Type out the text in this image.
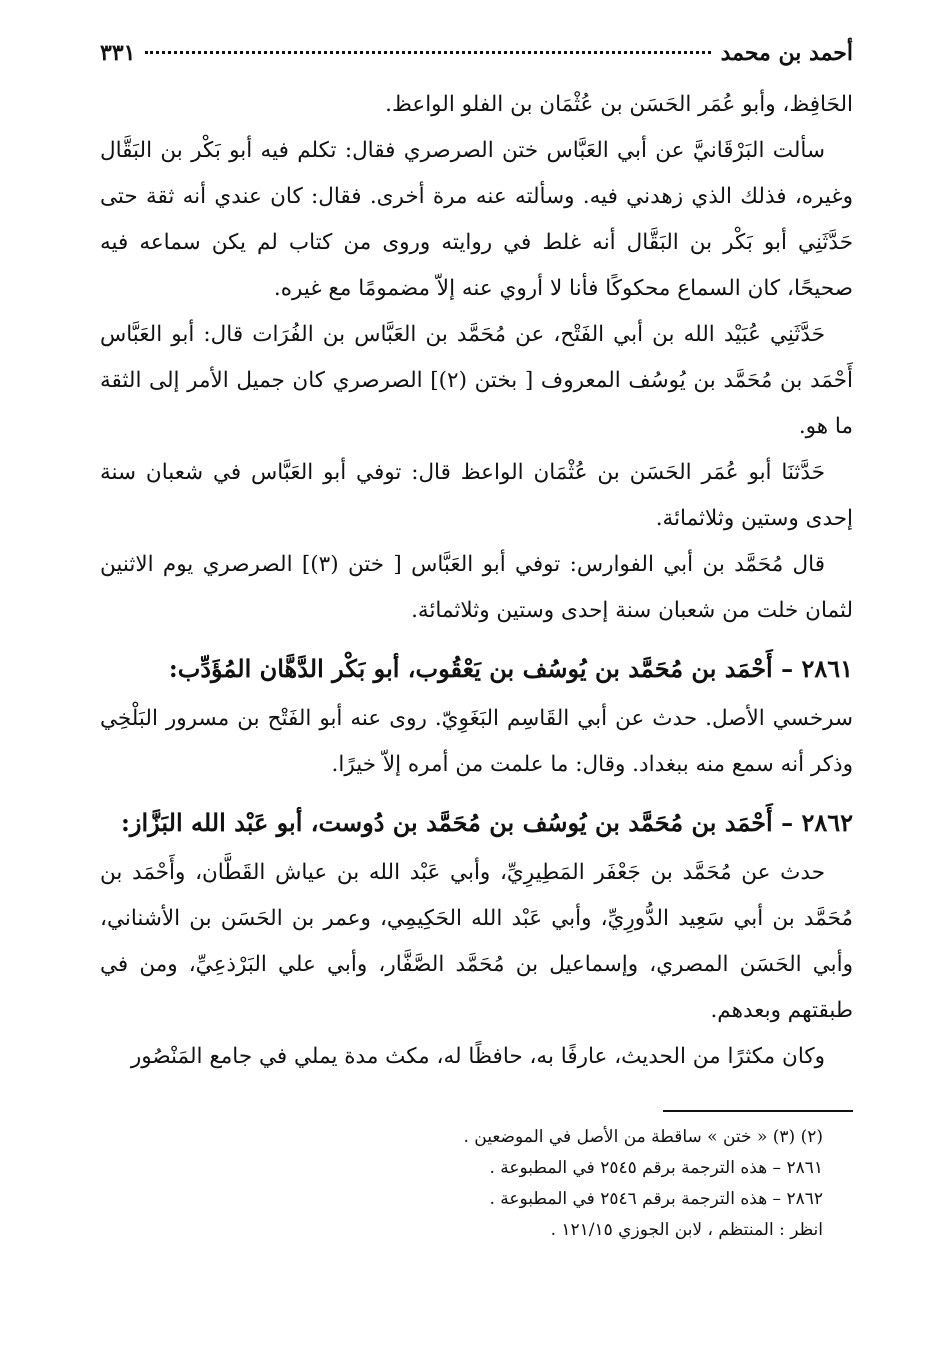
أحمد بن محمد
٣٣١

الحَافِظ، وأبو عُمَر الحَسَن بن عُثْمَان بن الفلو الواعظ.

سألت البَرْقَانيَّ عن أبي العَبَّاس ختن الصرصري فقال: تكلم فيه أبو بَكْر بن البَقَّال وغيره، فذلك الذي زهدني فيه. وسألته عنه مرة أخرى. فقال: كان عندي أنه ثقة حتى حَدَّثَنِي أبو بَكْر بن البَقَّال أنه غلط في روايته وروى من كتاب لم يكن سماعه فيه صحيحًا، كان السماع محكوكًا فأنا لا أروي عنه إلاّ مضمومًا مع غيره.

حَدَّثَنِي عُبَيْد الله بن أبي الفَتْح، عن مُحَمَّد بن العَبَّاس بن الفُرَات قال: أبو العَبَّاس أَحْمَد بن مُحَمَّد بن يُوسُف المعروف [ بختن (٢)] الصرصري كان جميل الأمر إلى الثقة ما هو.

حَدَّثنَا أبو عُمَر الحَسَن بن عُثْمَان الواعظ قال: توفي أبو العَبَّاس في شعبان سنة إحدى وستين وثلاثمائة.

قال مُحَمَّد بن أبي الفوارس: توفي أبو العَبَّاس [ ختن (٣)] الصرصري يوم الاثنين لثمان خلت من شعبان سنة إحدى وستين وثلاثمائة.

٢٨٦١ – أَحْمَد بن مُحَمَّد بن يُوسُف بن يَعْقُوب، أبو بَكْر الدَّهَّان المُؤَدِّب:

سرخسي الأصل. حدث عن أبي القَاسِم البَغَوِيّ. روى عنه أبو الفَتْح بن مسرور البَلْخِي وذكر أنه سمع منه ببغداد. وقال: ما علمت من أمره إلاّ خيرًا.

٢٨٦٢ – أَحْمَد بن مُحَمَّد بن يُوسُف بن مُحَمَّد بن دُوست، أبو عَبْد الله البَزَّاز:

حدث عن مُحَمَّد بن جَعْفَر المَطِيرِيِّ، وأبي عَبْد الله بن عياش القَطَّان، وأَحْمَد بن مُحَمَّد بن أبي سَعِيد الدُّورِيِّ، وأبي عَبْد الله الحَكِيمِي، وعمر بن الحَسَن بن الأشناني، وأبي الحَسَن المصري، وإسماعيل بن مُحَمَّد الصَّفَّار، وأبي علي البَرْذعِيِّ، ومن في طبقتهم وبعدهم.

وكان مكثرًا من الحديث، عارفًا به، حافظًا له، مكث مدة يملي في جامع المَنْصُور

(٢) (٣) « ختن » ساقطة من الأصل في الموضعين .

٢٨٦١ – هذه الترجمة برقم ٢٥٤٥ في المطبوعة .

٢٨٦٢ – هذه الترجمة برقم ٢٥٤٦ في المطبوعة .

انظر : المنتظم ، لابن الجوزي ١٢١/١٥ .
